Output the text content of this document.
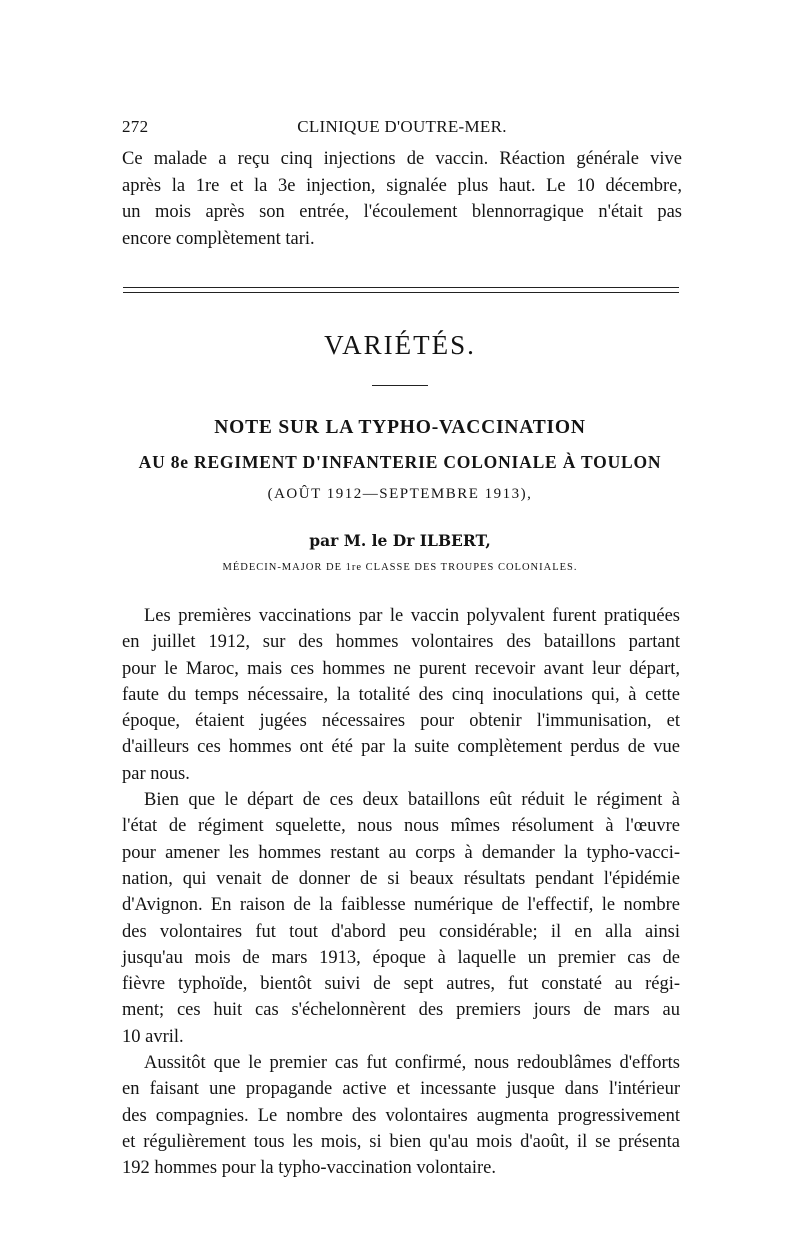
272	CLINIQUE D'OUTRE-MER.
Ce malade a reçu cinq injections de vaccin. Réaction générale vive
après la 1re et la 3e injection, signalée plus haut. Le 10 décembre,
un mois après son entrée, l'écoulement blennorragique n'était pas
encore complètement tari.
VARIÉTÉS.
NOTE SUR LA TYPHO-VACCINATION
AU 8e REGIMENT D'INFANTERIE COLONIALE À TOULON
(AOÛT 1912—SEPTEMBRE 1913),
par M. le Dr ILBERT,
MÉDECIN-MAJOR DE 1re CLASSE DES TROUPES COLONIALES.
Les premières vaccinations par le vaccin polyvalent furent pratiquées
en juillet 1912, sur des hommes volontaires des bataillons partant
pour le Maroc, mais ces hommes ne purent recevoir avant leur départ,
faute du temps nécessaire, la totalité des cinq inoculations qui, à cette
époque, étaient jugées nécessaires pour obtenir l'immunisation, et
d'ailleurs ces hommes ont été par la suite complètement perdus de vue
par nous.
Bien que le départ de ces deux bataillons eût réduit le régiment à
l'état de régiment squelette, nous nous mîmes résolument à l'œuvre
pour amener les hommes restant au corps à demander la typho-vacci-
nation, qui venait de donner de si beaux résultats pendant l'épidémie
d'Avignon. En raison de la faiblesse numérique de l'effectif, le nombre
des volontaires fut tout d'abord peu considérable; il en alla ainsi
jusqu'au mois de mars 1913, époque à laquelle un premier cas de
fièvre typhoïde, bientôt suivi de sept autres, fut constaté au régi-
ment; ces huit cas s'échelonnèrent des premiers jours de mars au
10 avril.
Aussitôt que le premier cas fut confirmé, nous redoublâmes d'efforts
en faisant une propagande active et incessante jusque dans l'intérieur
des compagnies. Le nombre des volontaires augmenta progressivement
et régulièrement tous les mois, si bien qu'au mois d'août, il se présenta
192 hommes pour la typho-vaccination volontaire.
